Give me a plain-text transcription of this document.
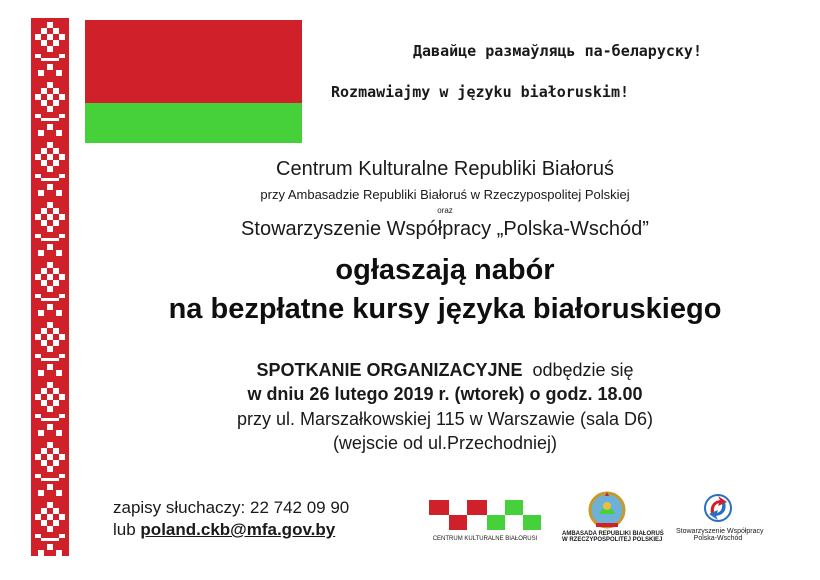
Давайце размаўляць па-беларуску!
Rozmawiajmy w języku białoruskim!
Centrum Kulturalne Republiki Białoruś
przy Ambasadzie Republiki Białoruś w Rzeczypospolitej Polskiej
oraz
Stowarzyszenie Współpracy „Polska-Wschód”
ogłaszają nabór
na bezpłatne kursy języka białoruskiego
SPOTKANIE ORGANIZACYJNE odbędzie się
w dniu 26 lutego 2019 r. (wtorek) o godz. 18.00
przy ul. Marszałkowskiej 115 w Warszawie (sala D6)
(wejscie od ul.Przechodniej)
zapisy słuchaczy: 22 742 09 90
lub poland.ckb@mfa.gov.by	CENTRUM KULTURALNE BIAŁORUSI
AMBASADA REPUBLIKI BIAŁORUŚ
W RZECZYPOSPOLITEJ POLSKIEJ
Stowarzyszenie Współpracy
Polska-Wschód
